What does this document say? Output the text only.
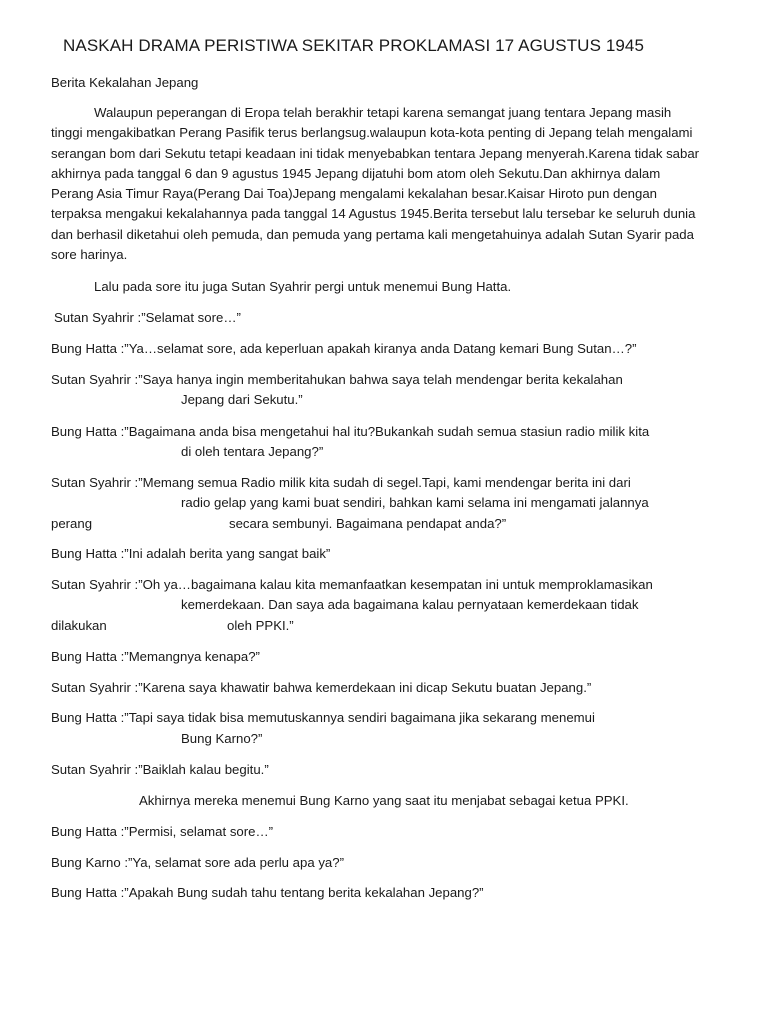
NASKAH DRAMA PERISTIWA SEKITAR PROKLAMASI 17 AGUSTUS 1945
Berita Kekalahan Jepang

Walaupun peperangan di Eropa telah berakhir tetapi karena semangat juang tentara Jepang masih tinggi mengakibatkan Perang Pasifik terus berlangsug.walaupun kota-kota penting di Jepang telah mengalami serangan bom dari Sekutu tetapi keadaan ini tidak menyebabkan tentara Jepang menyerah.Karena tidak sabar akhirnya pada tanggal 6 dan 9 agustus 1945 Jepang dijatuhi bom atom oleh Sekutu.Dan akhirnya dalam Perang Asia Timur Raya(Perang Dai Toa)Jepang mengalami kekalahan besar.Kaisar Hiroto pun dengan terpaksa mengakui kekalahannya pada tanggal 14 Agustus 1945.Berita tersebut lalu tersebar ke seluruh dunia dan berhasil diketahui oleh pemuda, dan pemuda yang pertama kali mengetahuinya adalah Sutan Syarir pada sore harinya.

Lalu pada sore itu juga Sutan Syahrir pergi untuk menemui Bung Hatta.

Sutan Syahrir :”Selamat sore…”

Bung Hatta :”Ya…selamat sore, ada keperluan apakah kiranya anda Datang kemari Bung Sutan…?”

Sutan Syahrir :”Saya hanya ingin memberitahukan bahwa saya telah mendengar berita kekalahan

Jepang dari Sekutu.”

Bung Hatta :”Bagaimana anda bisa mengetahui hal itu?Bukankah sudah semua stasiun radio milik kita

di oleh tentara Jepang?”

Sutan Syahrir :”Memang semua Radio milik kita sudah di segel.Tapi, kami mendengar berita ini dari

radio gelap yang kami buat sendiri, bahkan kami selama ini mengamati jalannya

perang	secara sembunyi. Bagaimana pendapat anda?”

Bung Hatta :”Ini adalah berita yang sangat baik”

Sutan Syahrir :”Oh ya…bagaimana kalau kita memanfaatkan kesempatan ini untuk memproklamasikan

kemerdekaan. Dan saya ada bagaimana kalau pernyataan kemerdekaan tidak

dilakukan	oleh PPKI.”

Bung Hatta :”Memangnya kenapa?”

Sutan Syahrir :”Karena saya khawatir bahwa kemerdekaan ini dicap Sekutu buatan Jepang.”

Bung Hatta :”Tapi saya tidak bisa memutuskannya sendiri bagaimana jika sekarang menemui

Bung Karno?”

Sutan Syahrir :”Baiklah kalau begitu.”

Akhirnya mereka menemui Bung Karno yang saat itu menjabat sebagai ketua PPKI.

Bung Hatta :”Permisi, selamat sore…”

Bung Karno :”Ya, selamat sore ada perlu apa ya?”

Bung Hatta :”Apakah Bung sudah tahu tentang berita kekalahan Jepang?”
